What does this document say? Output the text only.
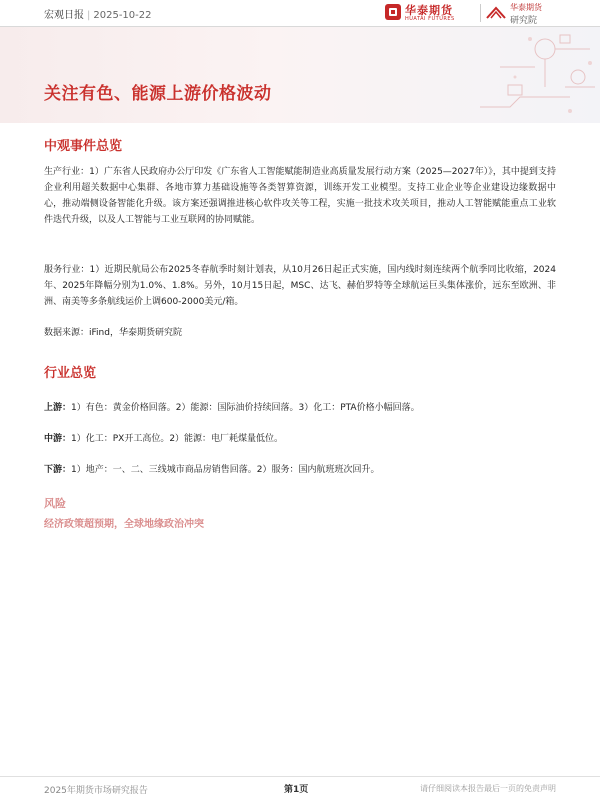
宏观日报 | 2025-10-22	华泰期货
HUATAI FUTURES
华泰期货
研究院
关注有色、能源上游价格波动
中观事件总览
生产行业：1）广东省人民政府办公厅印发《广东省人工智能赋能制造业高质量发展行动方案（2025—2027年）》，其中提到支持企业利用超关数据中心集群、各地市算力基础设施等各类智算资源，训练开发工业模型。支持工业企业等企业建设边缘数据中心，推动端侧设备智能化升级。该方案还强调推进核心软件攻关等工程，实施一批技术攻关项目，推动人工智能赋能重点工业软件迭代升级，以及人工智能与工业互联网的协同赋能。
服务行业：1）近期民航局公布2025冬春航季时刻计划表，从10月26日起正式实施，国内线时刻连续两个航季同比收缩，2024年、2025年降幅分别为1.0%、1.8%。另外，10月15日起，MSC、达飞、赫伯罗特等全球航运巨头集体涨价，远东至欧洲、非洲、南美等多条航线运价上调600-2000美元/箱。
数据来源：iFind，华泰期货研究院
行业总览
上游：1）有色：黄金价格回落。2）能源：国际油价持续回落。3）化工：PTA价格小幅回落。
中游：1）化工：PX开工高位。2）能源：电厂耗煤量低位。
下游：1）地产：一、二、三线城市商品房销售回落。2）服务：国内航班班次回升。
风险
经济政策超预期，全球地缘政治冲突
2025年期货市场研究报告	第1页	请仔细阅读本报告最后一页的免责声明
